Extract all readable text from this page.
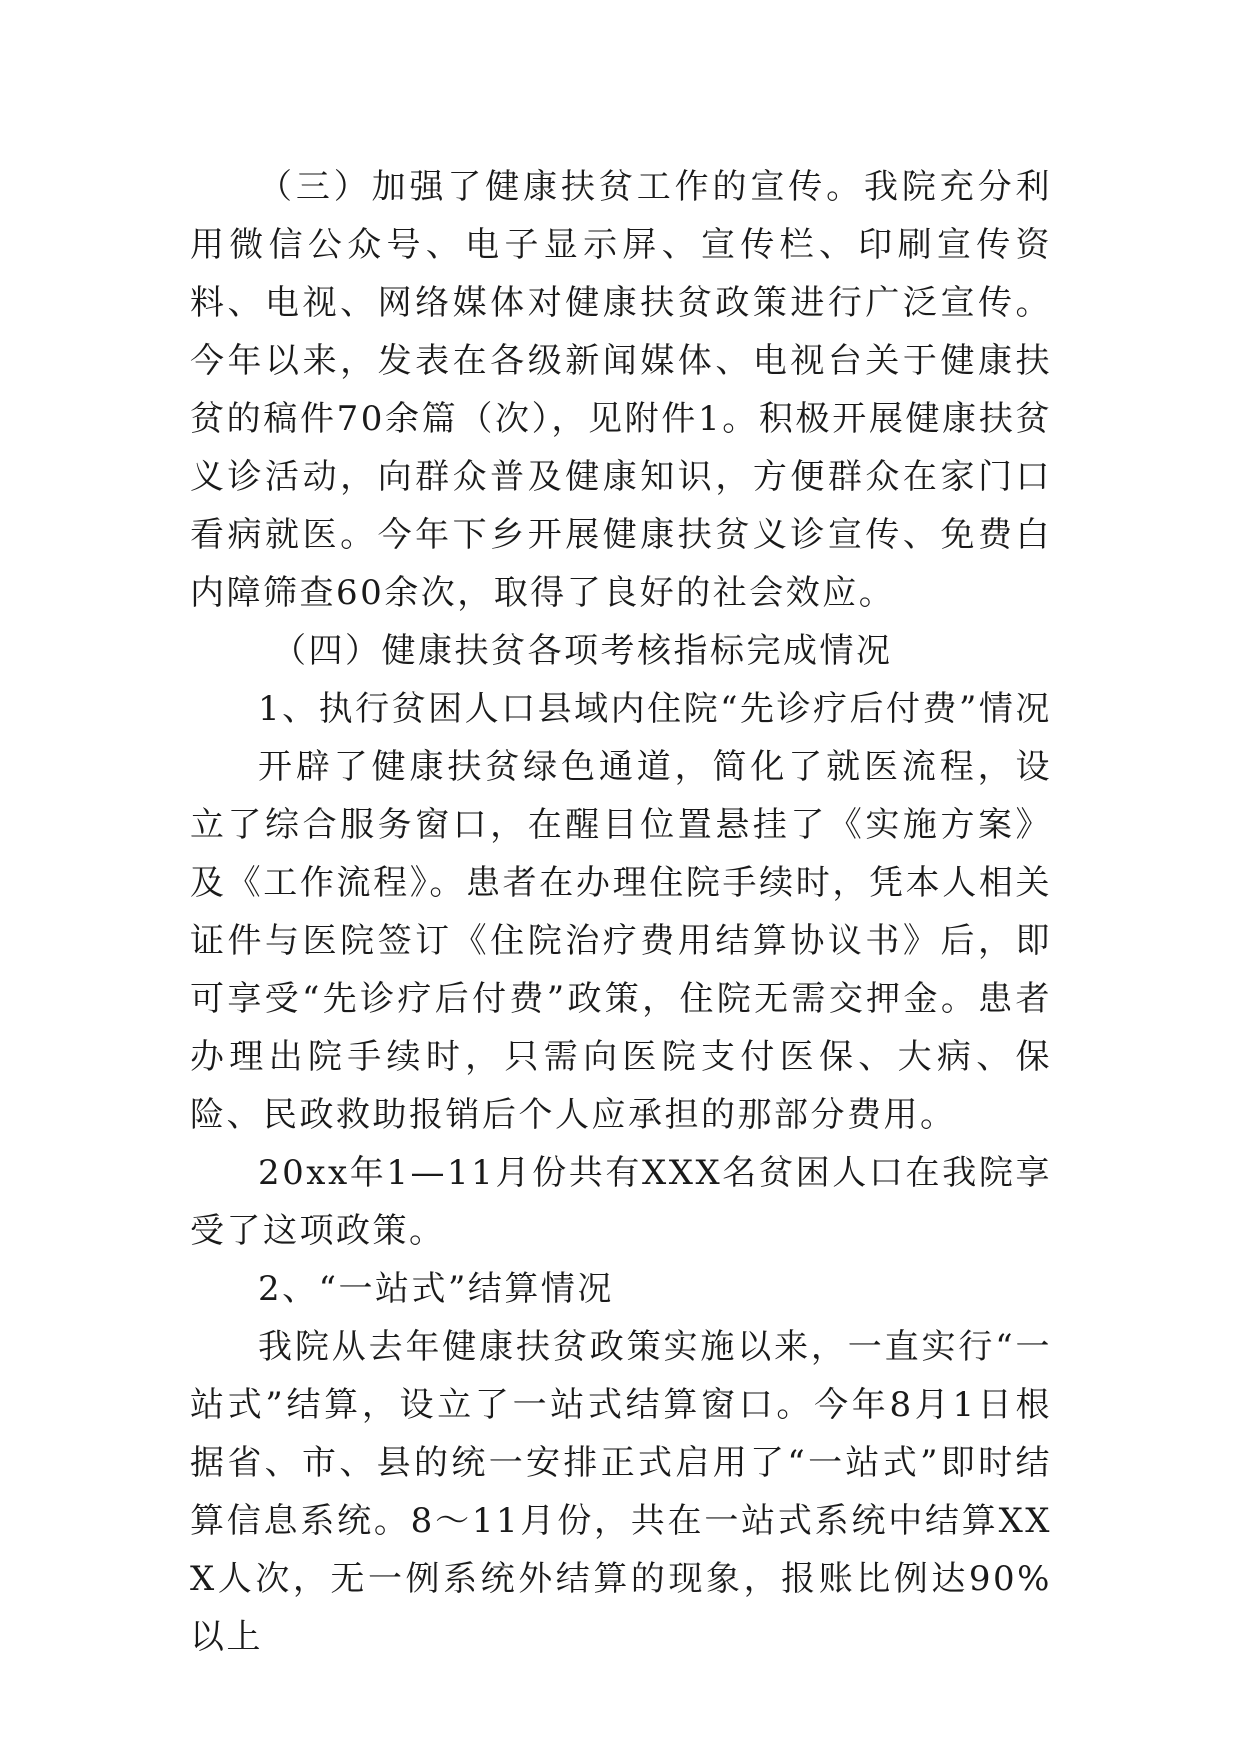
（三）加强了健康扶贫工作的宣传。我院充分利用微信公众号、电子显示屏、宣传栏、印刷宣传资料、电视、网络媒体对健康扶贫政策进行广泛宣传。今年以来，发表在各级新闻媒体、电视台关于健康扶贫的稿件70余篇（次），见附件1。积极开展健康扶贫义诊活动，向群众普及健康知识，方便群众在家门口看病就医。今年下乡开展健康扶贫义诊宣传、免费白内障筛查60余次，取得了良好的社会效应。

（四）健康扶贫各项考核指标完成情况

1、执行贫困人口县域内住院“先诊疗后付费”情况

开辟了健康扶贫绿色通道，简化了就医流程，设立了综合服务窗口，在醒目位置悬挂了《实施方案》及《工作流程》。患者在办理住院手续时，凭本人相关证件与医院签订《住院治疗费用结算协议书》后，即可享受“先诊疗后付费”政策，住院无需交押金。患者办理出院手续时，只需向医院支付医保、大病、保险、民政救助报销后个人应承担的那部分费用。

20xx年1—11月份共有XXX名贫困人口在我院享受了这项政策。

2、“一站式”结算情况

我院从去年健康扶贫政策实施以来，一直实行“一站式”结算，设立了一站式结算窗口。今年8月1日根据省、市、县的统一安排正式启用了“一站式”即时结算信息系统。8～11月份，共在一站式系统中结算XXX人次，无一例系统外结算的现象，报账比例达90%以上
